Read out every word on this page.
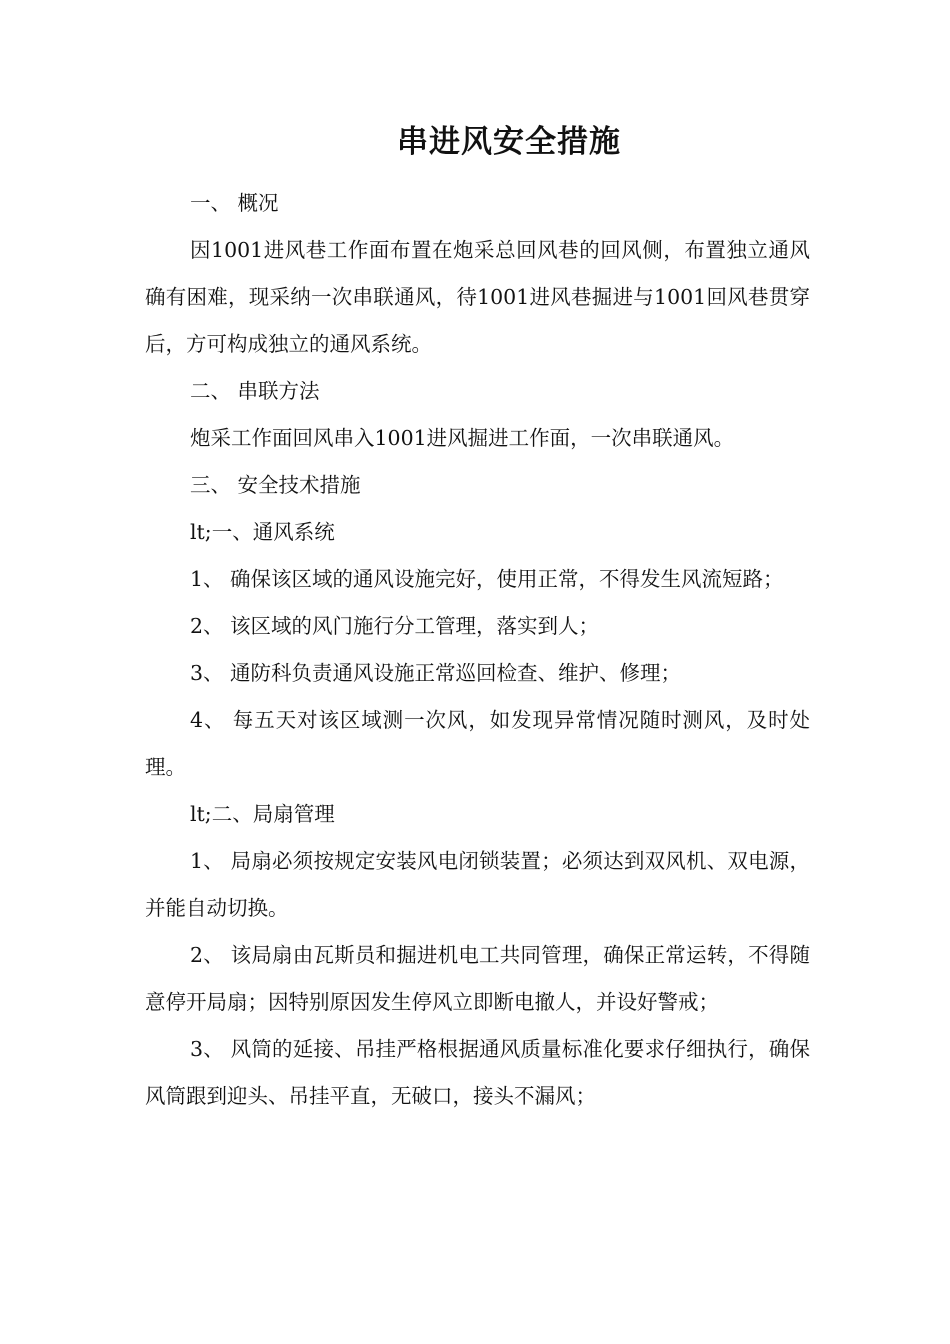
串进风安全措施

一、 概况

因1001进风巷工作面布置在炮采总回风巷的回风侧，布置独立通风确有困难，现采纳一次串联通风，待1001进风巷掘进与1001回风巷贯穿后，方可构成独立的通风系统。

二、 串联方法

炮采工作面回风串入1001进风掘进工作面，一次串联通风。

三、 安全技术措施

lt;一、通风系统

1、 确保该区域的通风设施完好，使用正常，不得发生风流短路；

2、 该区域的风门施行分工管理，落实到人；

3、 通防科负责通风设施正常巡回检查、维护、修理；

4、 每五天对该区域测一次风，如发现异常情况随时测风，及时处理。

lt;二、局扇管理

1、 局扇必须按规定安装风电闭锁装置；必须达到双风机、双电源，并能自动切换。

2、 该局扇由瓦斯员和掘进机电工共同管理，确保正常运转，不得随意停开局扇；因特别原因发生停风立即断电撤人，并设好警戒；

3、 风筒的延接、吊挂严格根据通风质量标准化要求仔细执行，确保风筒跟到迎头、吊挂平直，无破口，接头不漏风；
